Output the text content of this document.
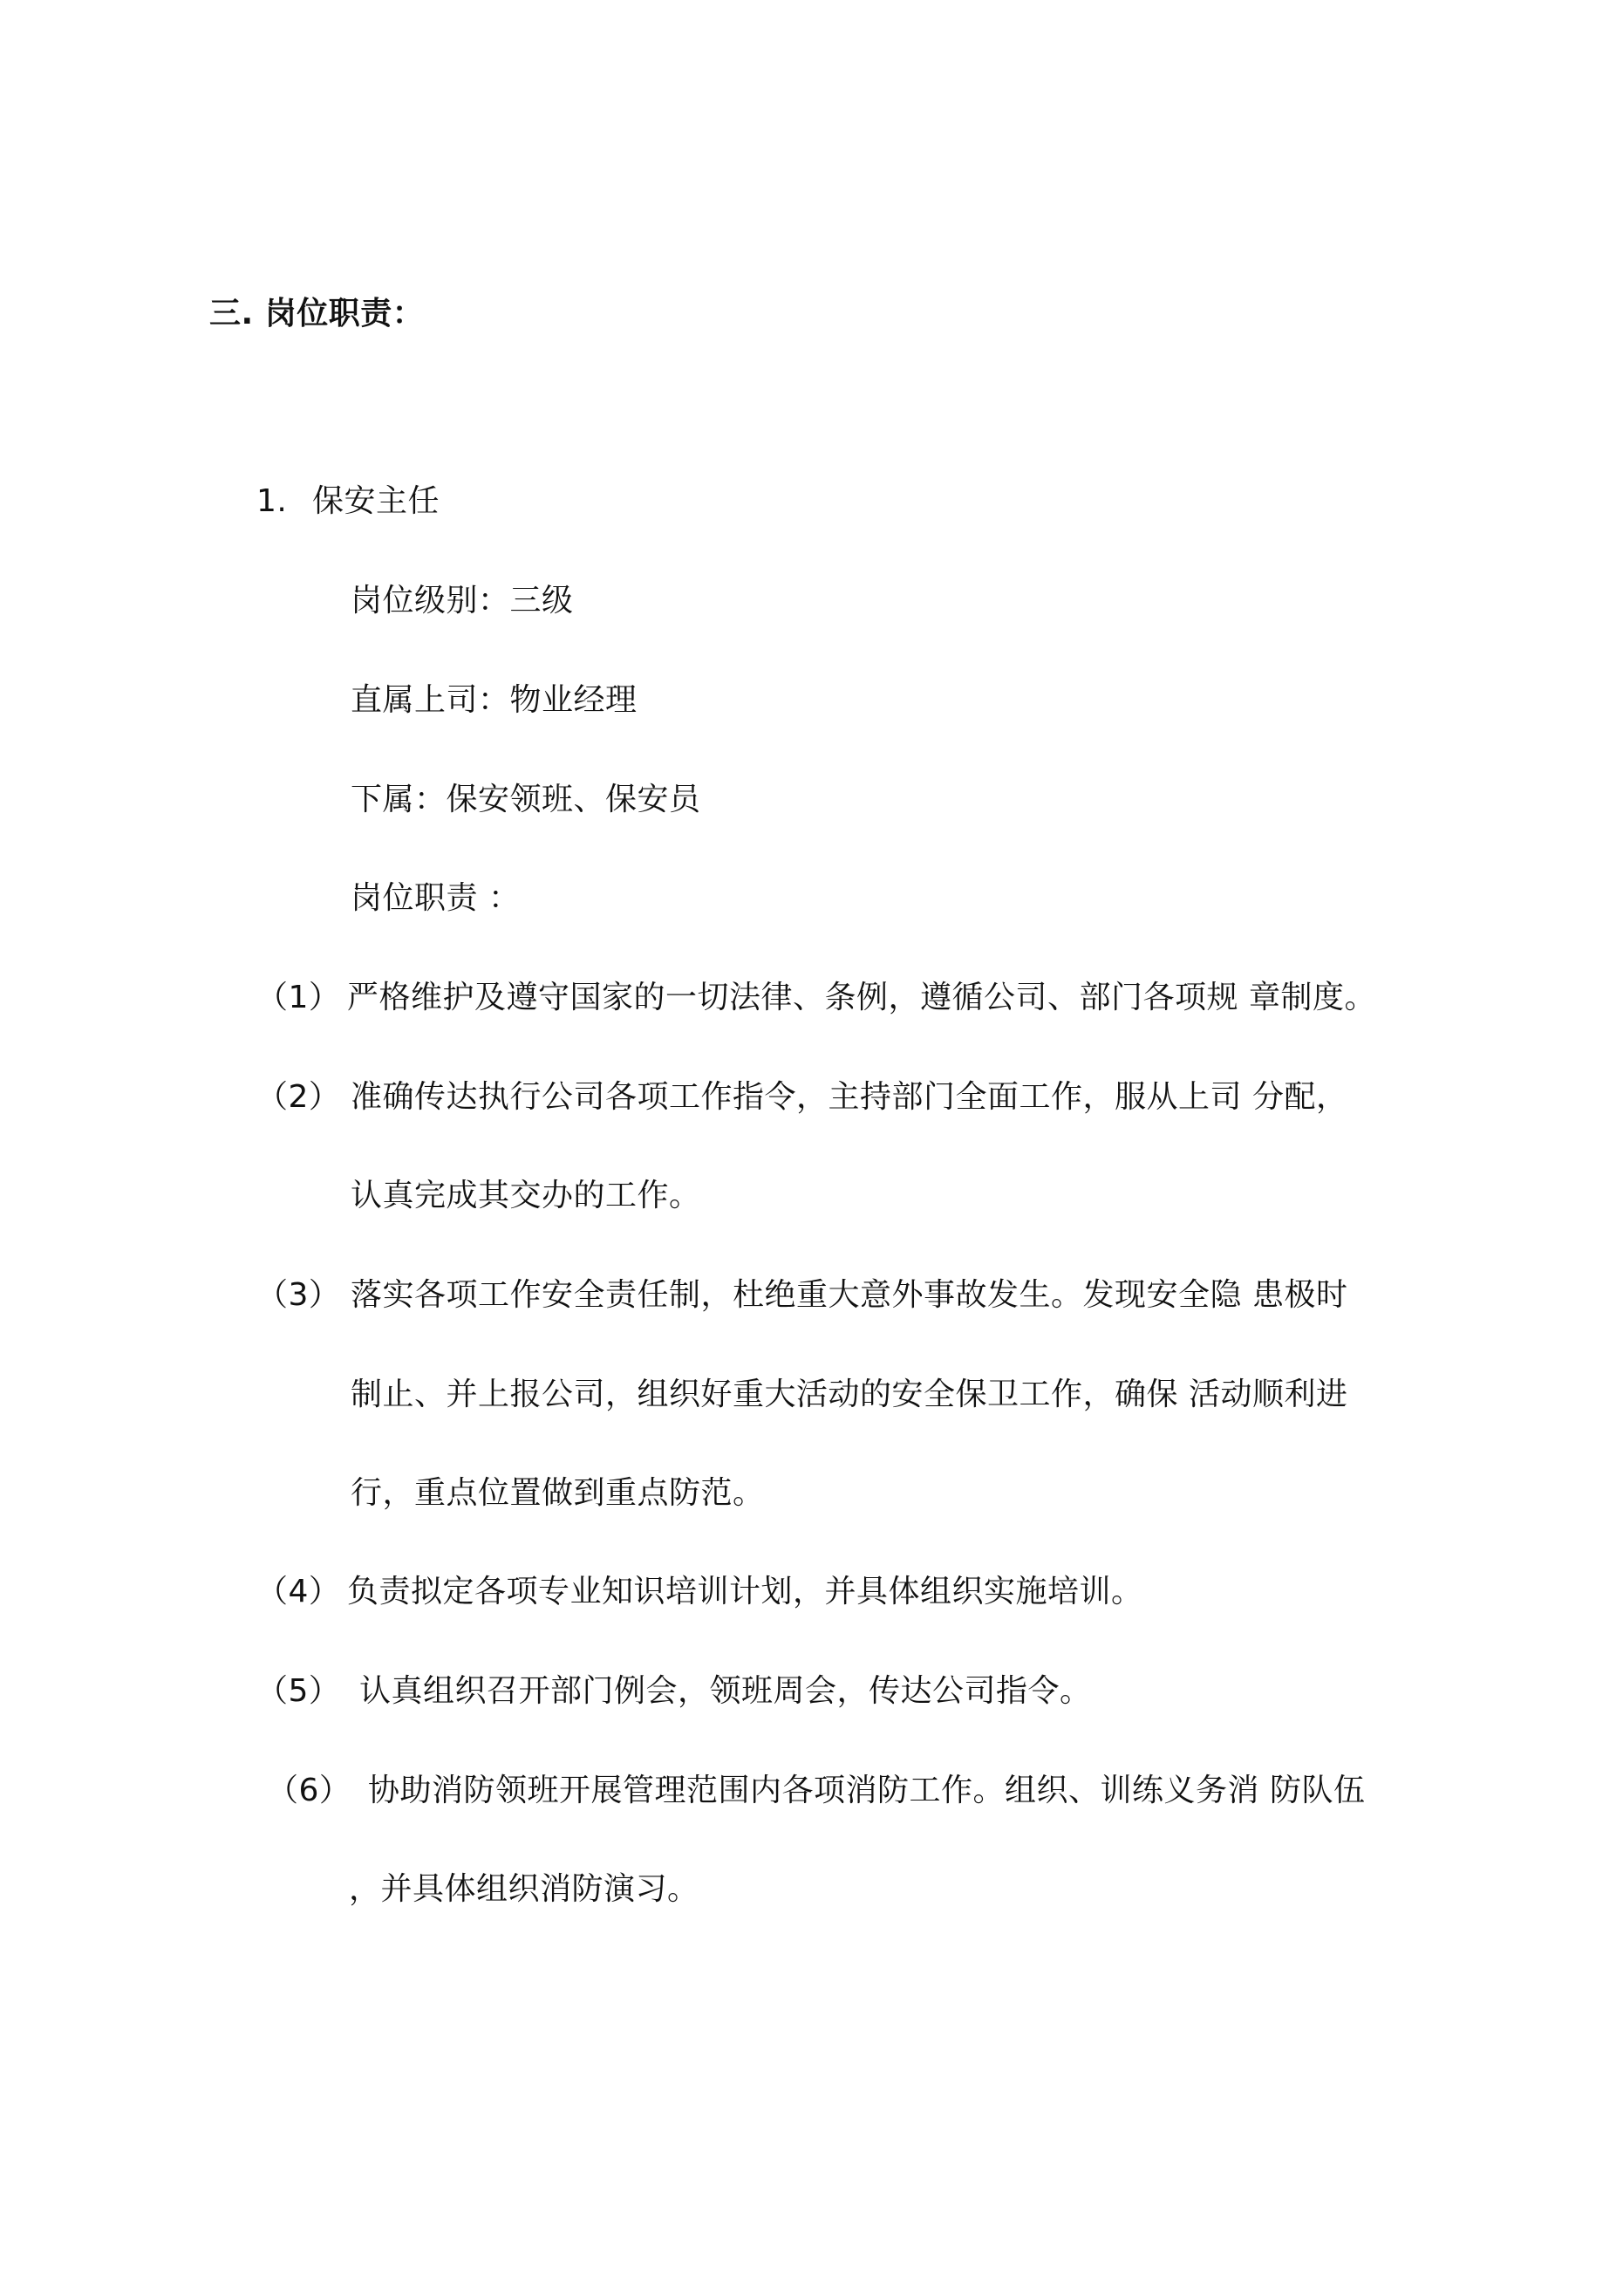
三. 岗位职责：
1. 保安主任
岗位级别：三级
直属上司：物业经理
下属：保安领班、保安员
岗位职责 ：
（1） 严格维护及遵守国家的一切法律、条例，遵循公司、部门各项规 章制度。
（2） 准确传达执行公司各项工作指令，主持部门全面工作，服从上司 分配，
认真完成其交办的工作。
（3） 落实各项工作安全责任制，杜绝重大意外事故发生。发现安全隐 患极时
制止、并上报公司，组织好重大活动的安全保卫工作，确保 活动顺利进
行，重点位置做到重点防范。
（4） 负责拟定各项专业知识培训计划，并具体组织实施培训。
（5） 认真组织召开部门例会，领班周会，传达公司指令。
（6） 协助消防领班开展管理范围内各项消防工作。组织、训练义务消 防队伍
，并具体组织消防演习。
